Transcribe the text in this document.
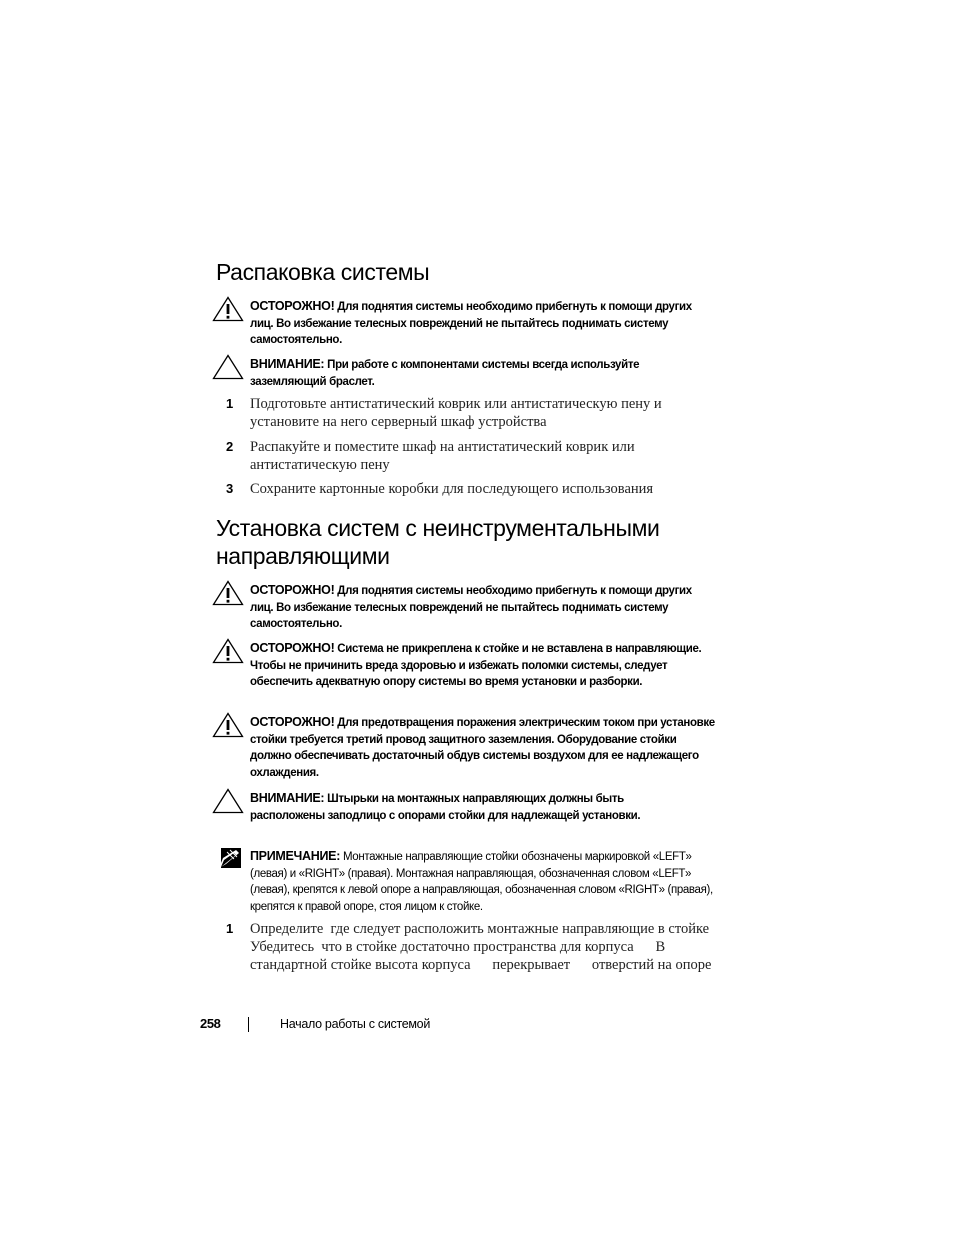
Распаковка системы
ОСТОРОЖНО! Для поднятия системы необходимо прибегнуть к помощи других лиц. Во избежание телесных повреждений не пытайтесь поднимать систему самостоятельно.
ВНИМАНИЕ: При работе с компонентами системы всегда используйте заземляющий браслет.
1 Подготовьте антистатический коврик или антистатическую пену и установите на него серверный шкаф устройства
2 Распакуйте и поместите шкаф на антистатический коврик или антистатическую пену
3 Сохраните картонные коробки для последующего использования
Установка систем с неинструментальными
направляющими
ОСТОРОЖНО! Для поднятия системы необходимо прибегнуть к помощи других лиц. Во избежание телесных повреждений не пытайтесь поднимать систему самостоятельно.
ОСТОРОЖНО! Система не прикреплена к стойке и не вставлена в направляющие. Чтобы не причинить вреда здоровью и избежать поломки системы, следует обеспечить адекватную опору системы во время установки и разборки.
ОСТОРОЖНО! Для предотвращения поражения электрическим током при установке стойки требуется третий провод защитного заземления. Оборудование стойки должно обеспечивать достаточный обдув системы воздухом для ее надлежащего охлаждения.
ВНИМАНИЕ: Штырьки на монтажных направляющих должны быть расположены заподлицо с опорами стойки для надлежащей установки.
ПРИМЕЧАНИЕ: Монтажные направляющие стойки обозначены маркировкой «LEFT» (левая) и «RIGHT» (правая). Монтажная направляющая, обозначенная словом «LEFT» (левая), крепятся к левой опоре а направляющая, обозначенная словом «RIGHT» (правая), крепятся к правой опоре, стоя лицом к стойке.
1 Определите  где следует расположить монтажные направляющие в стойке  Убедитесь  что в стойке достаточно пространства для корпуса      В стандартной стойке высота корпуса      перекрывает      отверстий на опоре
258	Начало работы с системой
